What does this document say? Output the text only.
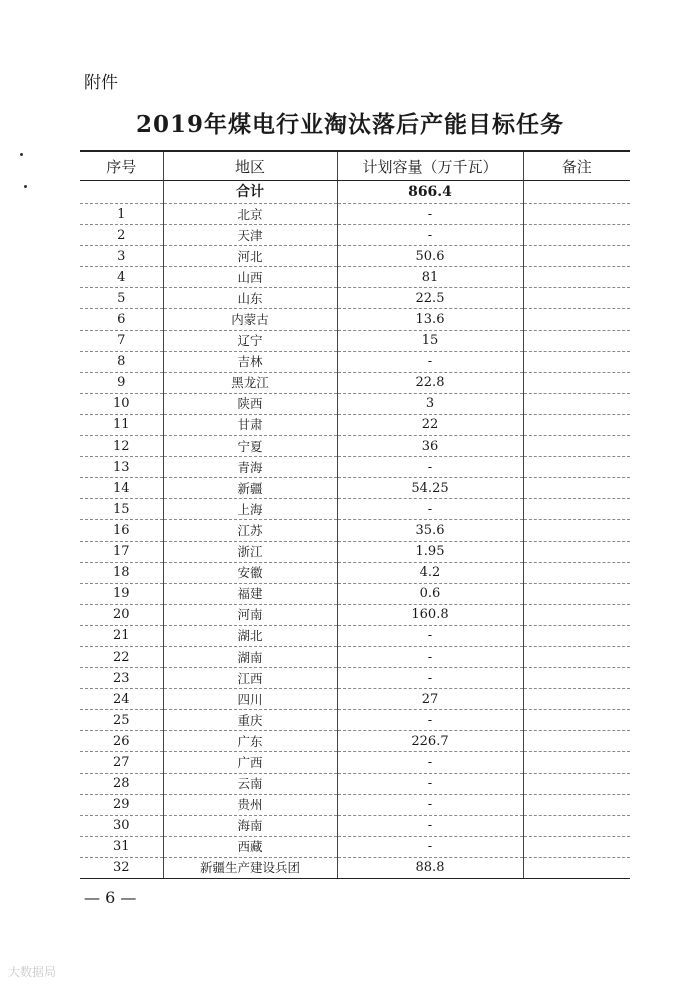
附件
2019年煤电行业淘汰落后产能目标任务
序号	地区	计划容量（万千瓦）	备注
	合计	866.4	
1	北京	-	
2	天津	-	
3	河北	50.6	
4	山西	81	
5	山东	22.5	
6	内蒙古	13.6	
7	辽宁	15	
8	吉林	-	
9	黑龙江	22.8	
10	陕西	3	
11	甘肃	22	
12	宁夏	36	
13	青海	-	
14	新疆	54.25	
15	上海	-	
16	江苏	35.6	
17	浙江	1.95	
18	安徽	4.2	
19	福建	0.6	
20	河南	160.8	
21	湖北	-	
22	湖南	-	
23	江西	-	
24	四川	27	
25	重庆	-	
26	广东	226.7	
27	广西	-	
28	云南	-	
29	贵州	-	
30	海南	-	
31	西藏	-	
32	新疆生产建设兵团	88.8	
— 6 —
大数据局
